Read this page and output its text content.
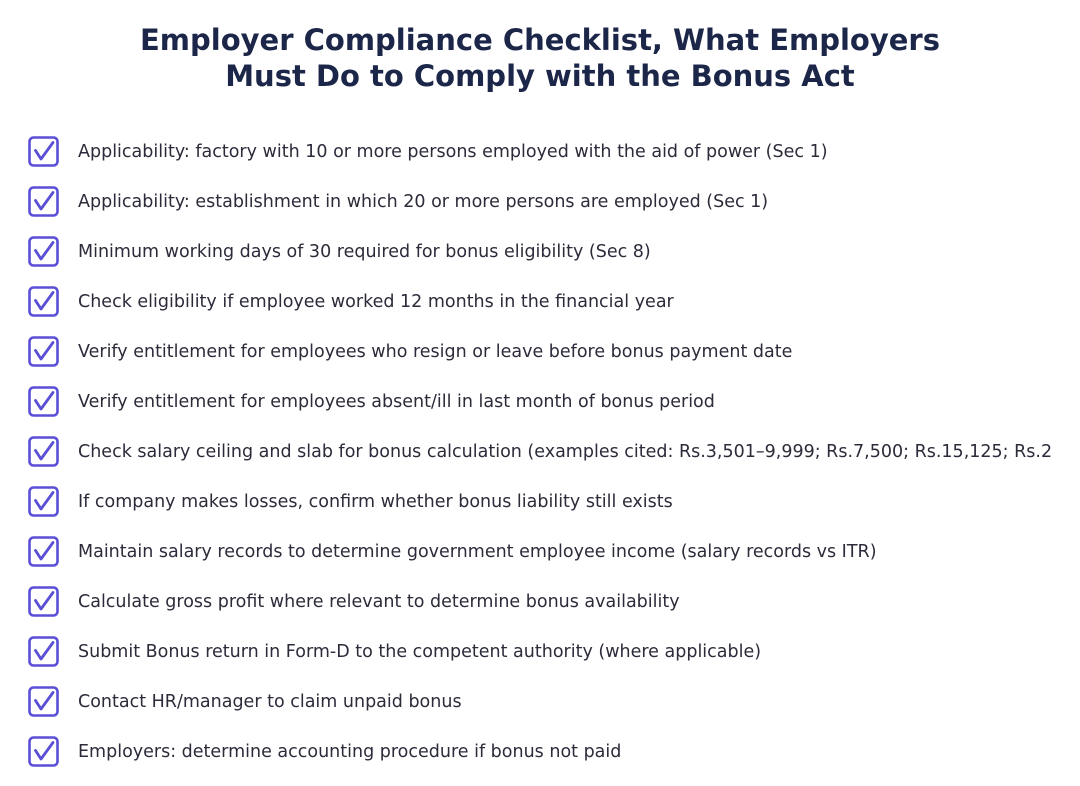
Employer Compliance Checklist, What Employers
Must Do to Comply with the Bonus Act
Applicability: factory with 10 or more persons employed with the aid of power (Sec 1)
Applicability: establishment in which 20 or more persons are employed (Sec 1)
Minimum working days of 30 required for bonus eligibility (Sec 8)
Check eligibility if employee worked 12 months in the financial year
Verify entitlement for employees who resign or leave before bonus payment date
Verify entitlement for employees absent/ill in last month of bonus period
Check salary ceiling and slab for bonus calculation (examples cited: Rs.3,501–9,999; Rs.7,500; Rs.15,125; Rs.2
If company makes losses, confirm whether bonus liability still exists
Maintain salary records to determine government employee income (salary records vs ITR)
Calculate gross profit where relevant to determine bonus availability
Submit Bonus return in Form-D to the competent authority (where applicable)
Contact HR/manager to claim unpaid bonus
Employers: determine accounting procedure if bonus not paid
